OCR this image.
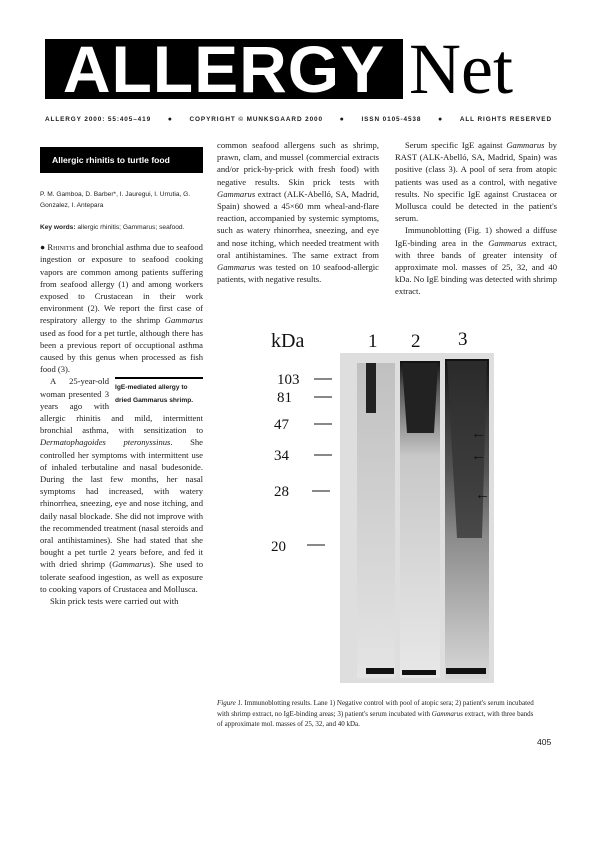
ALLERGY Net
ALLERGY 2000: 55:405–419 ●	COPYRIGHT © MUNKSGAARD 2000 ●	ISSN 0105-4538 ●	ALL RIGHTS RESERVED
Allergic rhinitis to turtle food
P. M. Gamboa, D. Barber*, I. Jauregui, I. Urrutia, G. Gonzalez, I. Antepara
Key words: allergic rhinitis; Gammarus; seafood.

● Rhinitis and bronchial asthma due to seafood ingestion or exposure to seafood cooking vapors are common among patients suffering from seafood allergy (1) and among workers exposed to Crustacean in their work environment (2). We report the first case of respiratory allergy to the shrimp Gammarus used as food for a pet turtle, although there has been a previous report of occuptional asthma caused by this genus when processed as fish food (3).

IgE-mediated allergy to dried Gammarus shrimp.

A 25-year-old woman presented 3 years ago with allergic rhinitis and mild, intermittent bronchial asthma, with sensitization to Dermatophagoides pteronyssinus. She controlled her symptoms with intermittent use of inhaled terbutaline and nasal budesonide. During the last few months, her nasal symptoms had increased, with watery rhinorrhea, sneezing, eye and nose itching, and daily nasal blockade. She did not improve with the recommended treatment (nasal steroids and oral antihistamines). She had stated that she bought a pet turtle 2 years before, and fed it with dried shrimp (Gammarus). She used to tolerate seafood ingestion, as well as exposure to cooking vapors of Crustacea and Mollusca.

Skin prick tests were carried out with

common seafood allergens such as shrimp, prawn, clam, and mussel (commercial extracts and/or prick-by-prick with fresh food) with negative results. Skin prick tests with Gammarus extract (ALK-Abelló, SA, Madrid, Spain) showed a 45×60 mm wheal-and-flare reaction, accompanied by systemic symptoms, such as watery rhinorrhea, sneezing, and eye and nose itching, which needed treatment with oral antihistamines. The same extract from Gammarus was tested on 10 seafood-allergic patients, with negative results.

Serum specific IgE against Gammarus by RAST (ALK-Abelló, SA, Madrid, Spain) was positive (class 3). A pool of sera from atopic patients was used as a control, with negative results. No specific IgE against Crustacea or Mollusca could be detected in the patient's serum.

Immunoblotting (Fig. 1) showed a diffuse IgE-binding area in the Gammarus extract, with three bands of greater intensity of approximate mol. masses of 25, 32, and 40 kDa. No IgE binding was detected with shrimp extract.

kDa	1 2 3
103
81
47
34
28
20
←
←
←
Figure 1. Immunoblotting results. Lane 1) Negative control with pool of atopic sera; 2) patient's serum incubated with shrimp extract, no IgE-binding areas; 3) patient's serum incubated with Gammarus extract, with three bands of approximate mol. masses of 25, 32, and 40 kDa.
405
